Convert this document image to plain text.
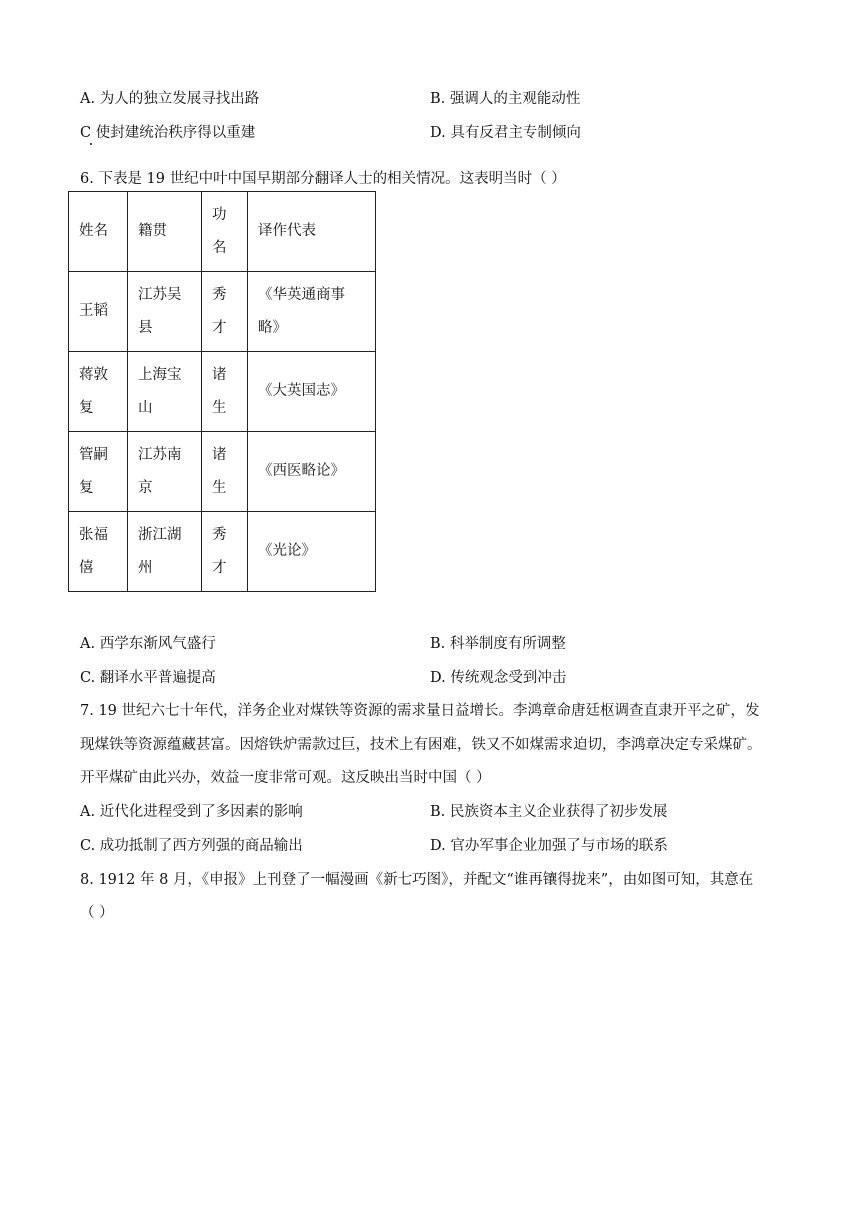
A. 为人的独立发展寻找出路	B. 强调人的主观能动性
C 使封建统治秩序得以重建	D. 具有反君主专制倾向
6. 下表是 19 世纪中叶中国早期部分翻译人士的相关情况。这表明当时（ ）
姓名	籍贯	功名	译作代表
王韬	江苏吴县	秀才	《华英通商事略》
蒋敦复	上海宝山	诸生	《大英国志》
管嗣复	江苏南京	诸生	《西医略论》
张福僖	浙江湖州	秀才	《光论》
A. 西学东渐风气盛行	B. 科举制度有所调整
C. 翻译水平普遍提高	D. 传统观念受到冲击
7. 19 世纪六七十年代，洋务企业对煤铁等资源的需求量日益增长。李鸿章命唐廷枢调查直隶开平之矿，发
现煤铁等资源蕴藏甚富。因熔铁炉需款过巨，技术上有困难，铁又不如煤需求迫切，李鸿章决定专采煤矿。
开平煤矿由此兴办，效益一度非常可观。这反映出当时中国（ ）
A. 近代化进程受到了多因素的影响	B. 民族资本主义企业获得了初步发展
C. 成功抵制了西方列强的商品输出	D. 官办军事企业加强了与市场的联系
8. 1912 年 8 月，《申报》上刊登了一幅漫画《新七巧图》，并配文“谁再镶得拢来”，由如图可知，其意在
（ ）
